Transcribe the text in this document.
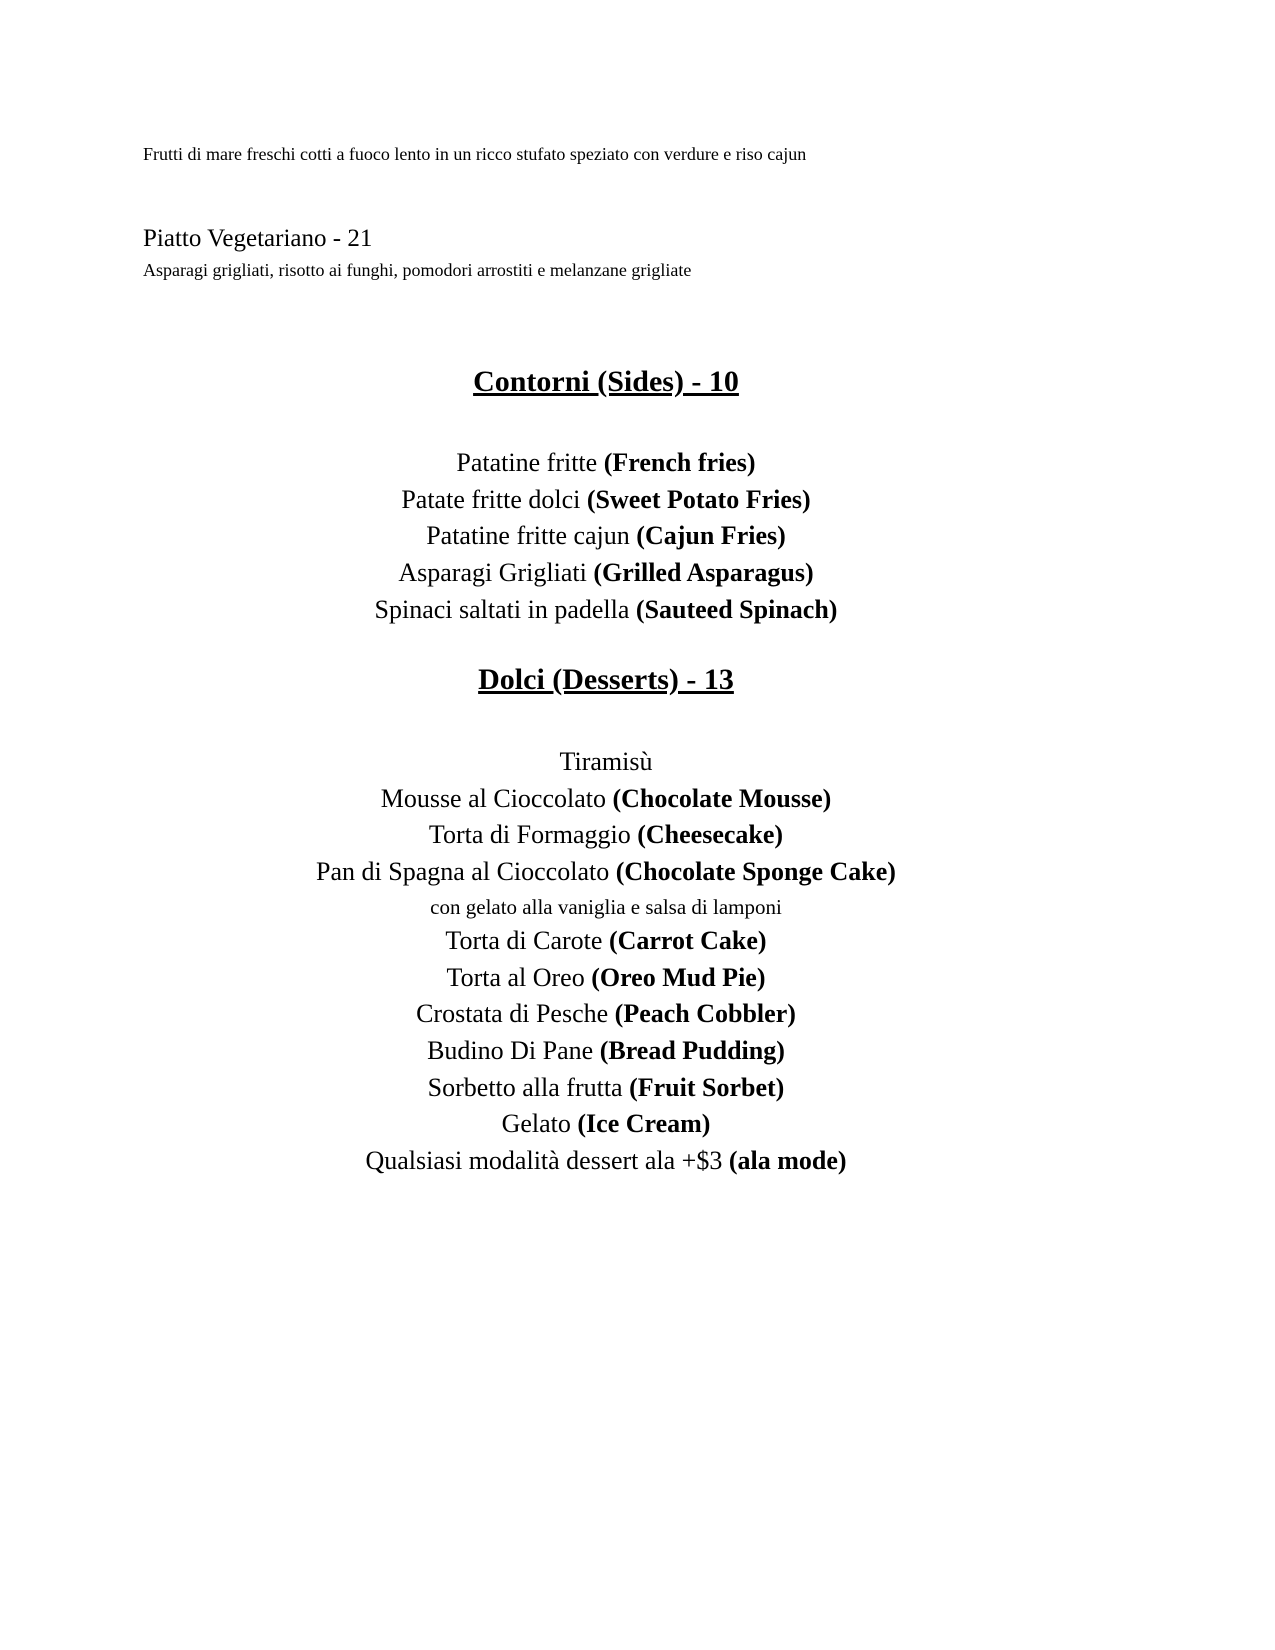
Frutti di mare freschi cotti a fuoco lento in un ricco stufato speziato con verdure e riso cajun
Piatto Vegetariano - 21
Asparagi grigliati, risotto ai funghi, pomodori arrostiti e melanzane grigliate
Contorni (Sides) - 10
Patatine fritte (French fries)
Patate fritte dolci (Sweet Potato Fries)
Patatine fritte cajun (Cajun Fries)
Asparagi Grigliati (Grilled Asparagus)
Spinaci saltati in padella (Sauteed Spinach)
Dolci (Desserts) - 13
Tiramisù
Mousse al Cioccolato (Chocolate Mousse)
Torta di Formaggio (Cheesecake)
Pan di Spagna al Cioccolato (Chocolate Sponge Cake)
con gelato alla vaniglia e salsa di lamponi
Torta di Carote (Carrot Cake)
Torta al Oreo (Oreo Mud Pie)
Crostata di Pesche (Peach Cobbler)
Budino Di Pane (Bread Pudding)
Sorbetto alla frutta (Fruit Sorbet)
Gelato (Ice Cream)
Qualsiasi modalità dessert ala +$3 (ala mode)
